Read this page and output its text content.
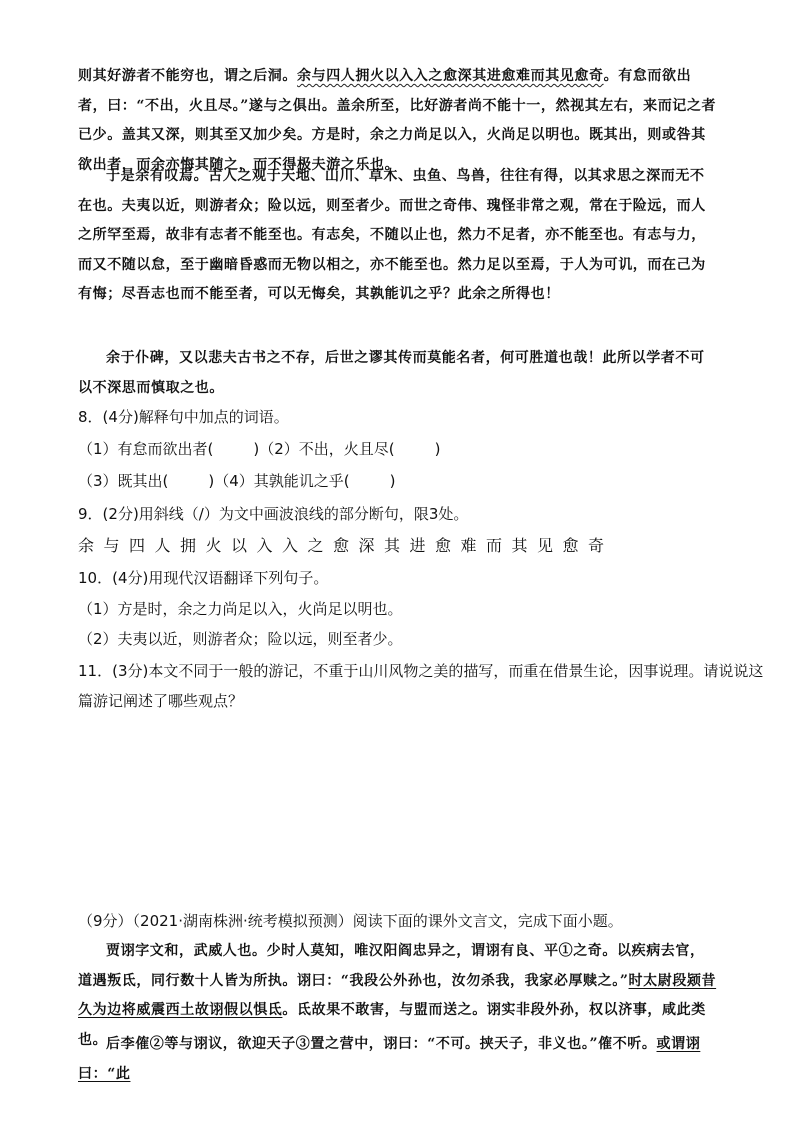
则其好游者不能穷也，谓之后洞。余与四人拥火以入入之愈深其进愈难而其见愈奇。有怠而欲出者，曰：“不出，火且尽。”遂与之俱出。盖余所至，比好游者尚不能十一，然视其左右，来而记之者已少。盖其又深，则其至又加少矣。方是时，余之力尚足以入，火尚足以明也。既其出，则或咎其欲出者，而余亦悔其随之，而不得极夫游之乐也。

于是余有叹焉。古人之观于天地、山川、草木、虫鱼、鸟兽，往往有得，以其求思之深而无不在也。夫夷以近，则游者众；险以远，则至者少。而世之奇伟、瑰怪非常之观，常在于险远，而人之所罕至焉，故非有志者不能至也。有志矣，不随以止也，然力不足者，亦不能至也。有志与力，而又不随以怠，至于幽暗昏惑而无物以相之，亦不能至也。然力足以至焉，于人为可讥，而在己为有悔；尽吾志也而不能至者，可以无悔矣，其孰能讥之乎？此余之所得也！

余于仆碑，又以悲夫古书之不存，后世之谬其传而莫能名者，何可胜道也哉！此所以学者不可以不深思而慎取之也。

8．(4分)解释句中加点的词语。

（1）有怠而欲出者(	)（2）不出，火且尽(	)

（3）既其出(	)（4）其孰能讥之乎(	)

9．(2分)用斜线（/）为文中画波浪线的部分断句，限3处。

余与四人拥火以入入之愈深其进愈难而其见愈奇

10．(4分)用现代汉语翻译下列句子。

（1）方是时，余之力尚足以入，火尚足以明也。

（2）夫夷以近，则游者众；险以远，则至者少。

11．(3分)本文不同于一般的游记，不重于山川风物之美的描写，而重在借景生论，因事说理。请说说这

篇游记阐述了哪些观点？

（9分）（2021·湖南株洲·统考模拟预测）阅读下面的课外文言文，完成下面小题。

贾诩字文和，武威人也。少时人莫知，唯汉阳阎忠异之，谓诩有良、平①之奇。以疾病去官，道遇叛氐，同行数十人皆为所执。诩曰：“我段公外孙也，汝勿杀我，我家必厚赎之。”时太尉段颎昔久为边将威震西土故诩假以惧氐。氐故果不敢害，与盟而送之。诩实非段外孙，权以济事，咸此类也。

后李傕②等与诩议，欲迎天子③置之营中，诩曰：“不可。挟天子，非义也。”傕不听。或谓诩曰：“此
